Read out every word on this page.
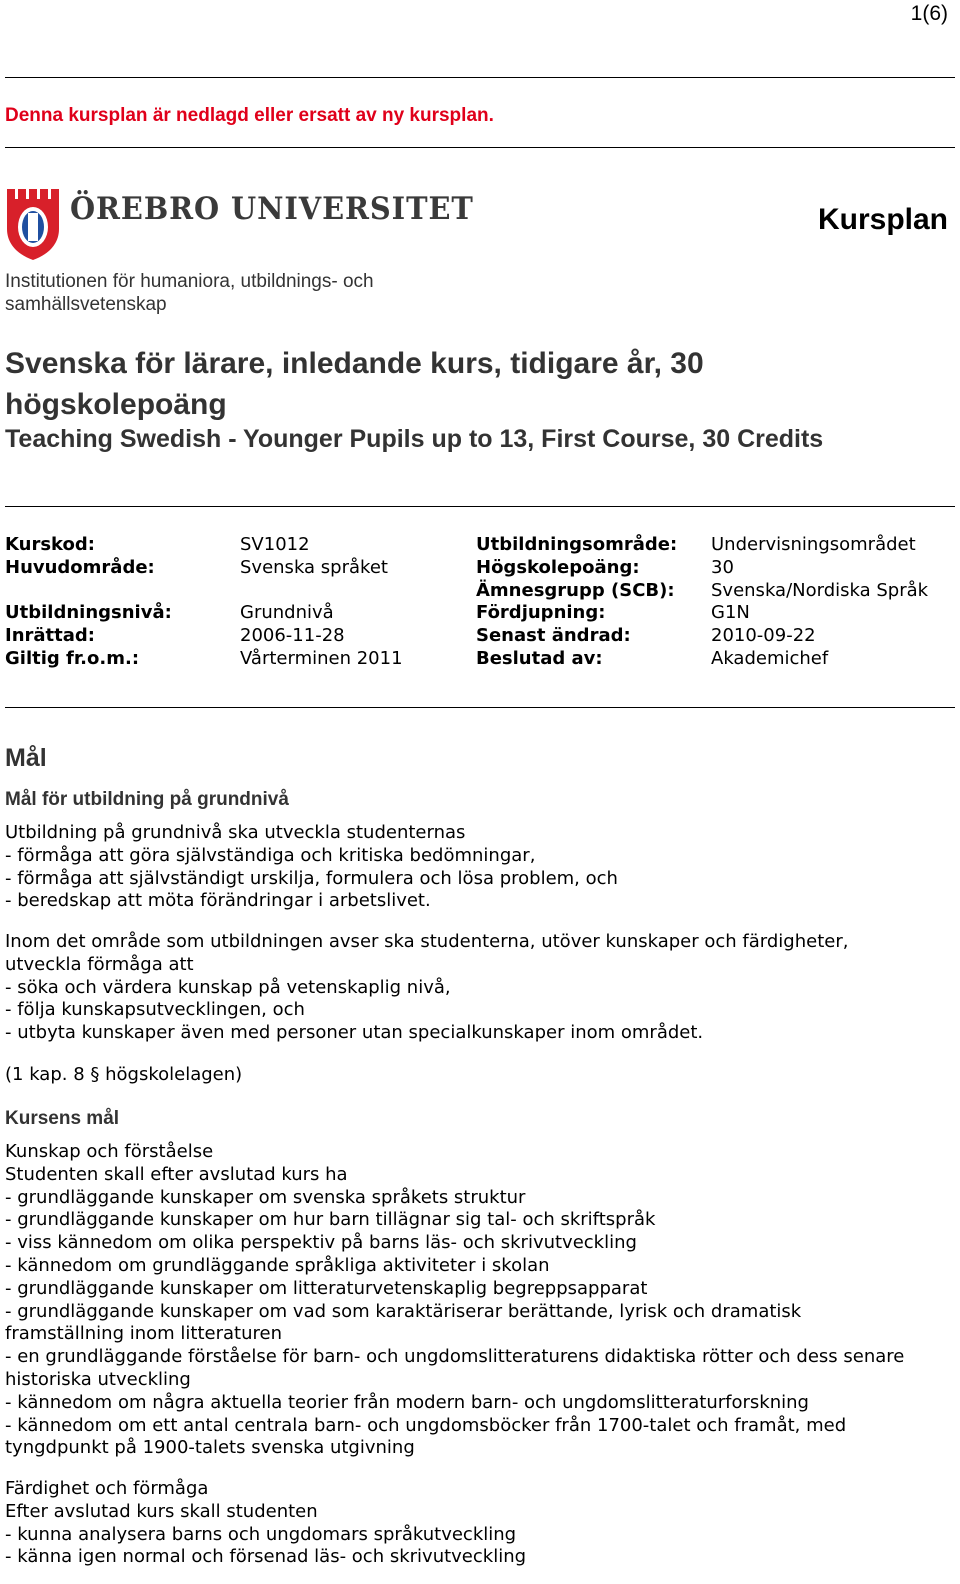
1(6)
Denna kursplan är nedlagd eller ersatt av ny kursplan.
ÖREBRO UNIVERSITET	Kursplan
Institutionen för humaniora, utbildnings- och samhällsvetenskap
Svenska för lärare, inledande kurs, tidigare år, 30 högskolepoäng
Teaching Swedish - Younger Pupils up to 13, First Course, 30 Credits
Kurskod:	SV1012
Huvudområde:	Svenska språket
Utbildningsnivå:	Grundnivå
Inrättad:	2006-11-28
Giltig fr.o.m.:	Vårterminen 2011
Utbildningsområde: Undervisningsområdet
Högskolepoäng:	30
Ämnesgrupp (SCB): Svenska/Nordiska Språk
Fördjupning:	G1N
Senast ändrad:	2010-09-22
Beslutad av:	Akademichef
Mål
Mål för utbildning på grundnivå
Utbildning på grundnivå ska utveckla studenternas
- förmåga att göra självständiga och kritiska bedömningar,
- förmåga att självständigt urskilja, formulera och lösa problem, och
- beredskap att möta förändringar i arbetslivet.
Inom det område som utbildningen avser ska studenterna, utöver kunskaper och färdigheter,
utveckla förmåga att
- söka och värdera kunskap på vetenskaplig nivå,
- följa kunskapsutvecklingen, och
- utbyta kunskaper även med personer utan specialkunskaper inom området.
(1 kap. 8 § högskolelagen)
Kursens mål
Kunskap och förståelse
Studenten skall efter avslutad kurs ha
- grundläggande kunskaper om svenska språkets struktur
- grundläggande kunskaper om hur barn tillägnar sig tal- och skriftspråk
- viss kännedom om olika perspektiv på barns läs- och skrivutveckling
- kännedom om grundläggande språkliga aktiviteter i skolan
- grundläggande kunskaper om litteraturvetenskaplig begreppsapparat
- grundläggande kunskaper om vad som karaktäriserar berättande, lyrisk och dramatisk
framställning inom litteraturen
- en grundläggande förståelse för barn- och ungdomslitteraturens didaktiska rötter och dess senare
historiska utveckling
- kännedom om några aktuella teorier från modern barn- och ungdomslitteraturforskning
- kännedom om ett antal centrala barn- och ungdomsböcker från 1700-talet och framåt, med
tyngdpunkt på 1900-talets svenska utgivning
Färdighet och förmåga
Efter avslutad kurs skall studenten
- kunna analysera barns och ungdomars språkutveckling
- känna igen normal och försenad läs- och skrivutveckling
